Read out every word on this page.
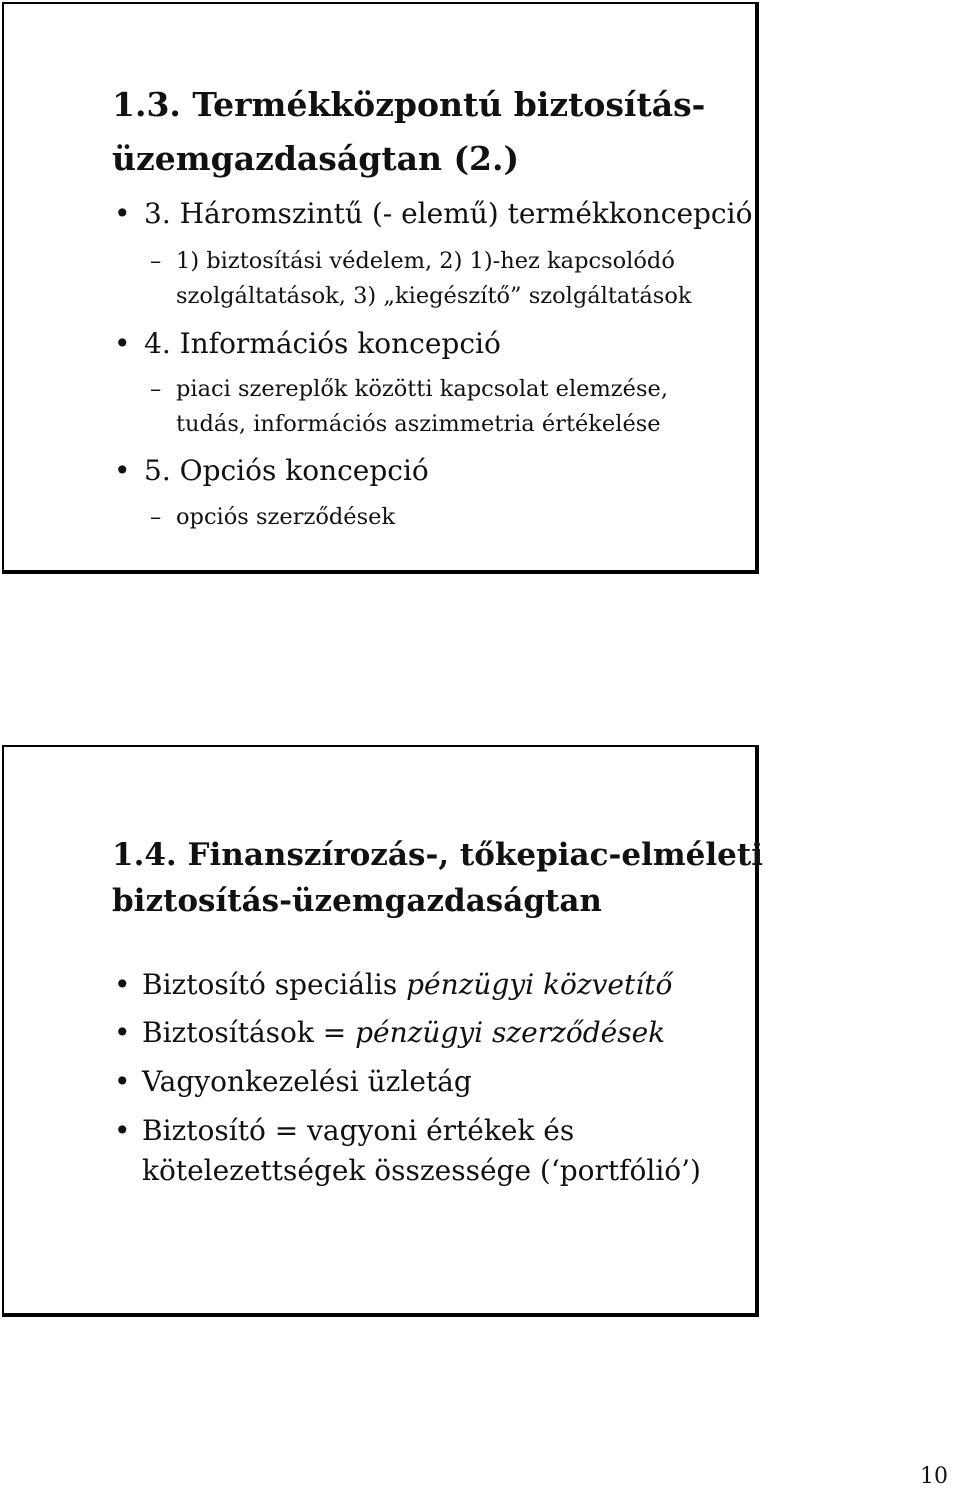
1.3. Termékközpontú biztosítás-
üzemgazdaságtan (2.)
• 3. Háromszintű (- elemű) termékkoncepció
– 1) biztosítási védelem, 2) 1)-hez kapcsolódó
szolgáltatások, 3) „kiegészítő” szolgáltatások
• 4. Információs koncepció
– piaci szereplők közötti kapcsolat elemzése,
tudás, információs aszimmetria értékelése
• 5. Opciós koncepció
– opciós szerződések
1.4. Finanszírozás-, tőkepiac-elméleti
biztosítás-üzemgazdaságtan
• Biztosító speciális pénzügyi közvetítő
• Biztosítások = pénzügyi szerződések
• Vagyonkezelési üzletág
• Biztosító = vagyoni értékek és
kötelezettségek összessége (‘portfólió’)
10
